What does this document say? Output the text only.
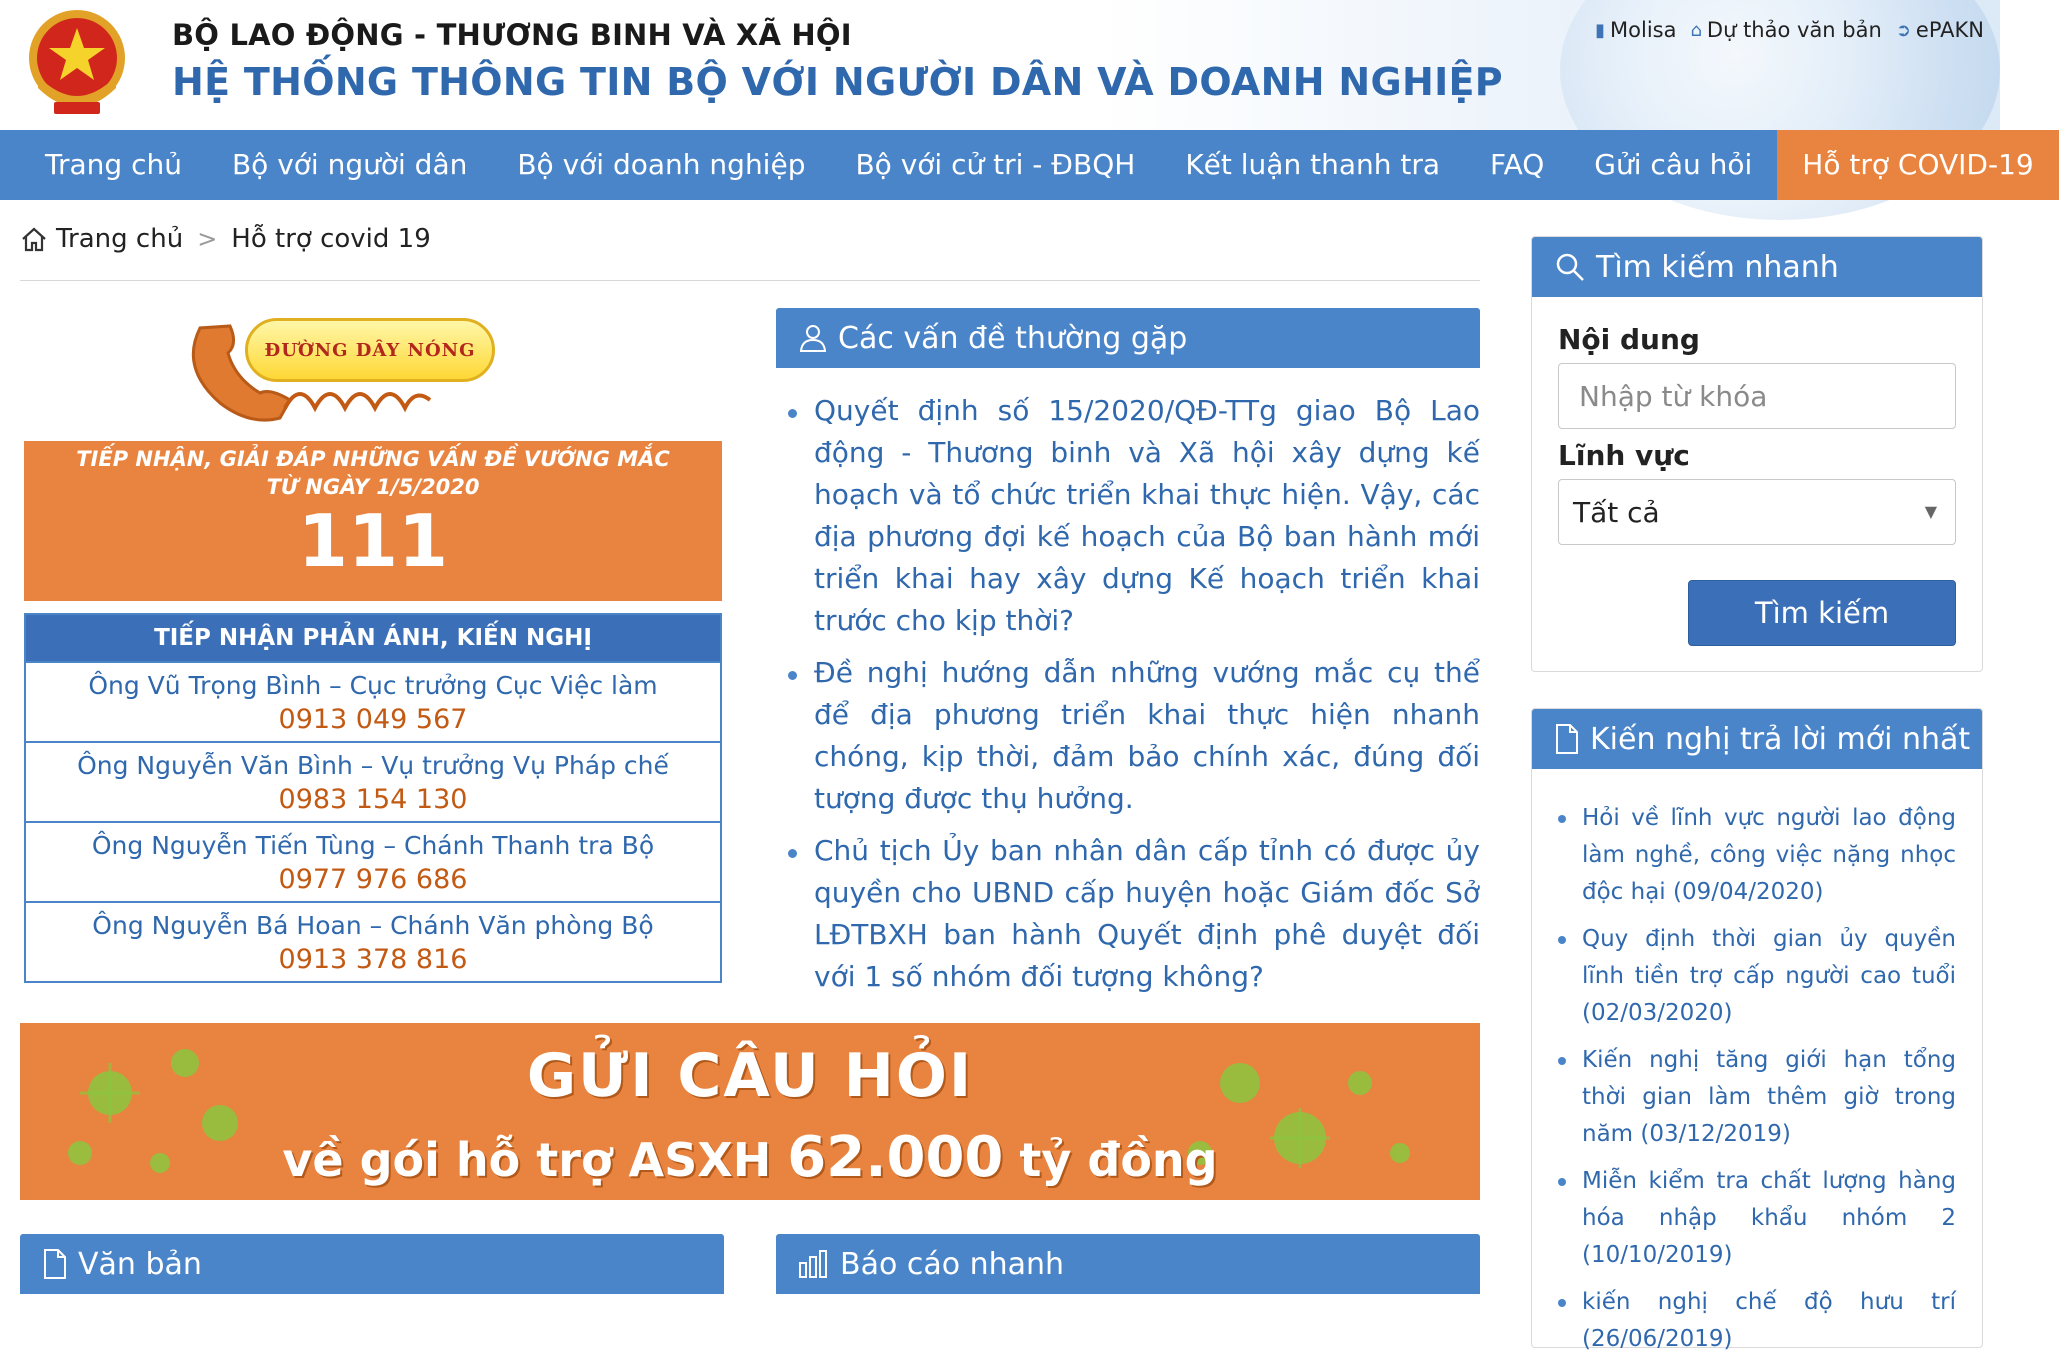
BỘ LAO ĐỘNG - THƯƠNG BINH VÀ XÃ HỘI
HỆ THỐNG THÔNG TIN BỘ VỚI NGƯỜI DÂN VÀ DOANH NGHIỆP
▮ Molisa ⌂ Dự thảo văn bản ➲ ePAKN
Trang chủ	Bộ với người dân	Bộ với doanh nghiệp	Bộ với cử tri - ĐBQH	Kết luận thanh tra	FAQ	Gửi câu hỏi	Hỗ trợ COVID-19
Trang chủ > Hỗ trợ covid 19
ĐƯỜNG DÂY NÓNG
TIẾP NHẬN, GIẢI ĐÁP NHỮNG VẤN ĐỀ VƯỚNG MẮC
TỪ NGÀY 1/5/2020
111
TIẾP NHẬN PHẢN ÁNH, KIẾN NGHỊ
Ông Vũ Trọng Bình – Cục trưởng Cục Việc làm
0913 049 567
Ông Nguyễn Văn Bình – Vụ trưởng Vụ Pháp chế
0983 154 130
Ông Nguyễn Tiến Tùng – Chánh Thanh tra Bộ
0977 976 686
Ông Nguyễn Bá Hoan – Chánh Văn phòng Bộ
0913 378 816
Các vấn đề thường gặp
Quyết định số 15/2020/QĐ-TTg giao Bộ Lao động - Thương binh và Xã hội xây dựng kế hoạch và tổ chức triển khai thực hiện. Vậy, các địa phương đợi kế hoạch của Bộ ban hành mới triển khai hay xây dựng Kế hoạch triển khai trước cho kịp thời?
Đề nghị hướng dẫn những vướng mắc cụ thể để địa phương triển khai thực hiện nhanh chóng, kịp thời, đảm bảo chính xác, đúng đối tượng được thụ hưởng.
Chủ tịch Ủy ban nhân dân cấp tỉnh có được ủy quyền cho UBND cấp huyện hoặc Giám đốc Sở LĐTBXH ban hành Quyết định phê duyệt đối với 1 số nhóm đối tượng không?
GỬI CÂU HỎI
về gói hỗ trợ ASXH 62.000 tỷ đồng
Văn bản	Báo cáo nhanh
Tìm kiếm nhanh
Nội dung
Nhập từ khóa
Lĩnh vực
Tất cả	▼
Tìm kiếm
Kiến nghị trả lời mới nhất
Hỏi về lĩnh vực người lao động làm nghề, công việc nặng nhọc độc hại (09/04/2020)
Quy định thời gian ủy quyền lĩnh tiền trợ cấp người cao tuổi (02/03/2020)
Kiến nghị tăng giới hạn tổng thời gian làm thêm giờ trong năm (03/12/2019)
Miễn kiểm tra chất lượng hàng hóa nhập khẩu nhóm 2 (10/10/2019)
kiến nghị chế độ hưu trí (26/06/2019)
